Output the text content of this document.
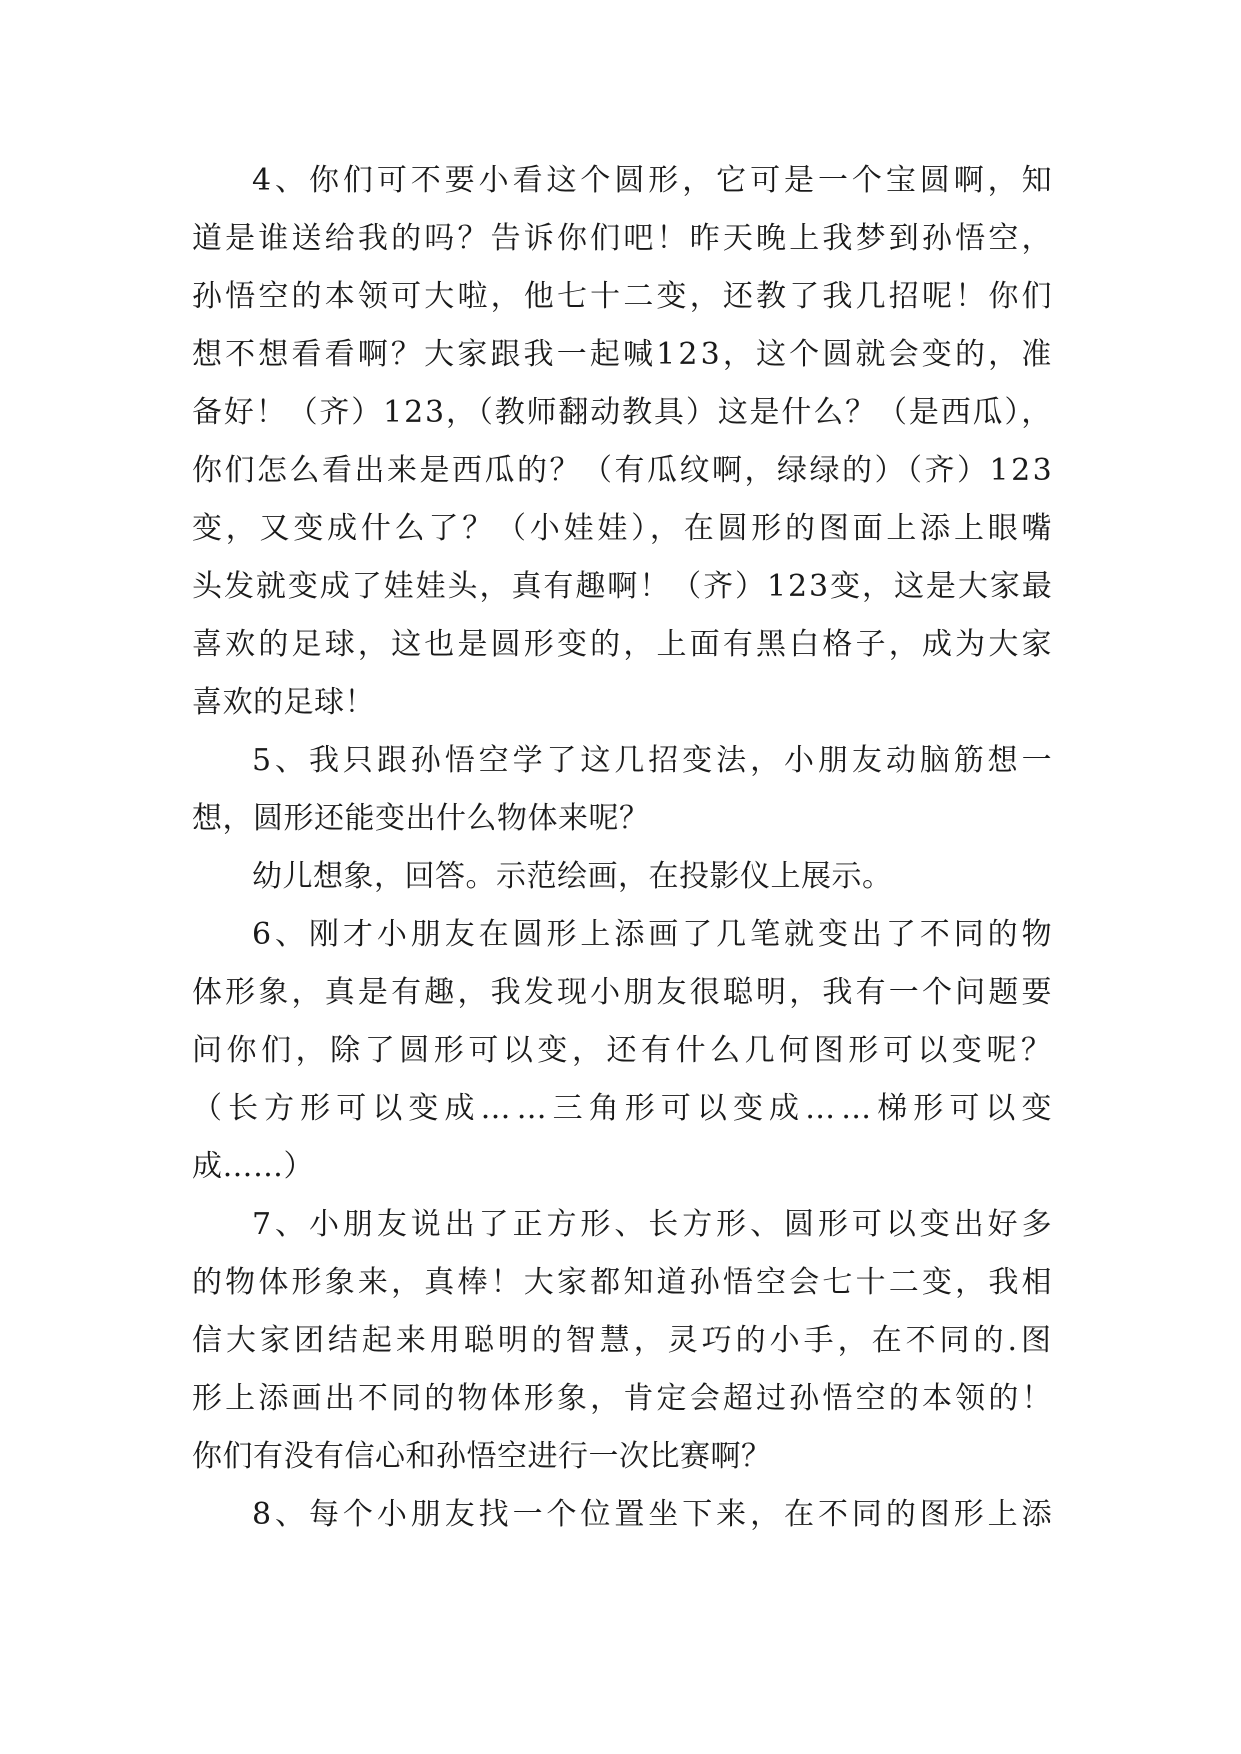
4、你们可不要小看这个圆形，它可是一个宝圆啊，知
道是谁送给我的吗？告诉你们吧！昨天晚上我梦到孙悟空，
孙悟空的本领可大啦，他七十二变，还教了我几招呢！你们
想不想看看啊？大家跟我一起喊123，这个圆就会变的，准
备好！（齐）123，（教师翻动教具）这是什么？（是西瓜），
你们怎么看出来是西瓜的？（有瓜纹啊，绿绿的）（齐）123
变，又变成什么了？（小娃娃），在圆形的图面上添上眼嘴
头发就变成了娃娃头，真有趣啊！（齐）123变，这是大家最
喜欢的足球，这也是圆形变的，上面有黑白格子，成为大家
喜欢的足球！
5、我只跟孙悟空学了这几招变法，小朋友动脑筋想一
想，圆形还能变出什么物体来呢？
幼儿想象，回答。示范绘画，在投影仪上展示。
6、刚才小朋友在圆形上添画了几笔就变出了不同的物
体形象，真是有趣，我发现小朋友很聪明，我有一个问题要
问你们，除了圆形可以变，还有什么几何图形可以变呢？
（长方形可以变成……三角形可以变成……梯形可以变
成……）
7、小朋友说出了正方形、长方形、圆形可以变出好多
的物体形象来，真棒！大家都知道孙悟空会七十二变，我相
信大家团结起来用聪明的智慧，灵巧的小手，在不同的.图
形上添画出不同的物体形象，肯定会超过孙悟空的本领的！
你们有没有信心和孙悟空进行一次比赛啊？
8、每个小朋友找一个位置坐下来，在不同的图形上添
